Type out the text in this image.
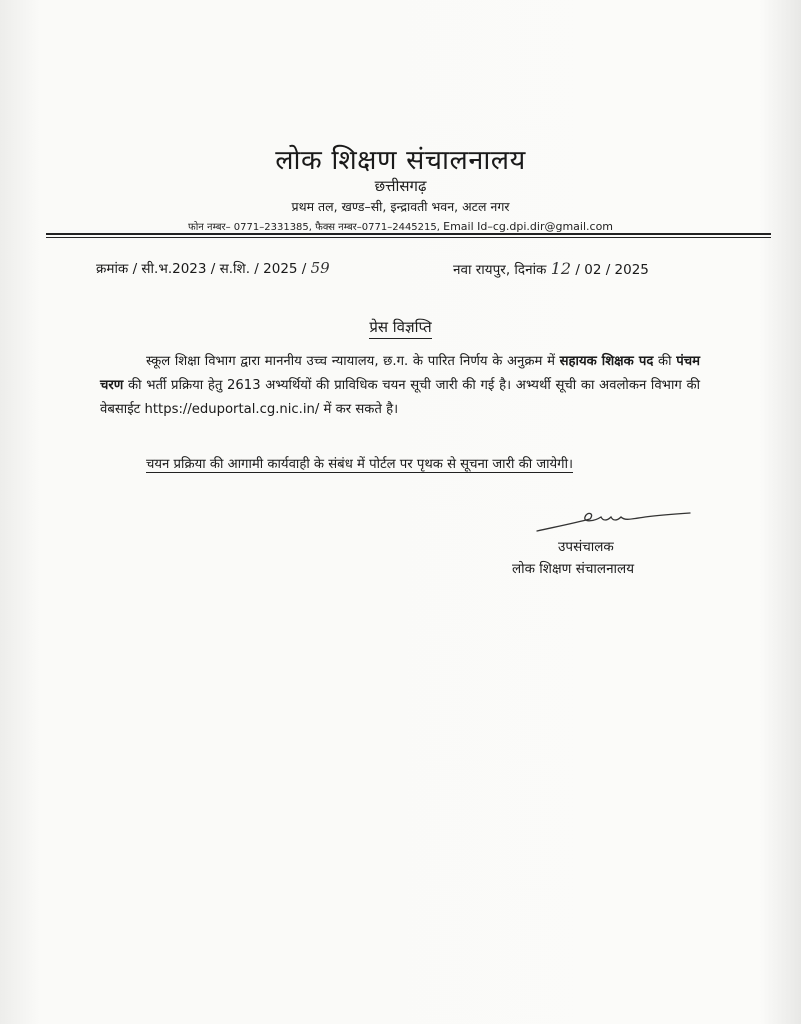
लोक शिक्षण संचालनालय
छत्तीसगढ़
प्रथम तल, खण्ड–सी, इन्द्रावती भवन, अटल नगर
फोन नम्बर– 0771–2331385, फैक्स नम्बर–0771–2445215, Email Id–cg.dpi.dir@gmail.com
क्रमांक / सी.भ.2023 / स.शि. / 2025 / 59	नवा रायपुर, दिनांक 12 / 02 / 2025
प्रेस विज्ञप्ति

स्कूल शिक्षा विभाग द्वारा माननीय उच्च न्यायालय, छ.ग. के पारित निर्णय के अनुक्रम में सहायक शिक्षक पद की पंचम चरण की भर्ती प्रक्रिया हेतु 2613 अभ्यर्थियों की प्राविधिक चयन सूची जारी की गई है। अभ्यर्थी सूची का अवलोकन विभाग की वेबसाईट https://eduportal.cg.nic.in/ में कर सकते है।

चयन प्रक्रिया की आगामी कार्यवाही के संबंध में पोर्टल पर पृथक से सूचना जारी की जायेगी।
उपसंचालक
लोक शिक्षण संचालनालय
